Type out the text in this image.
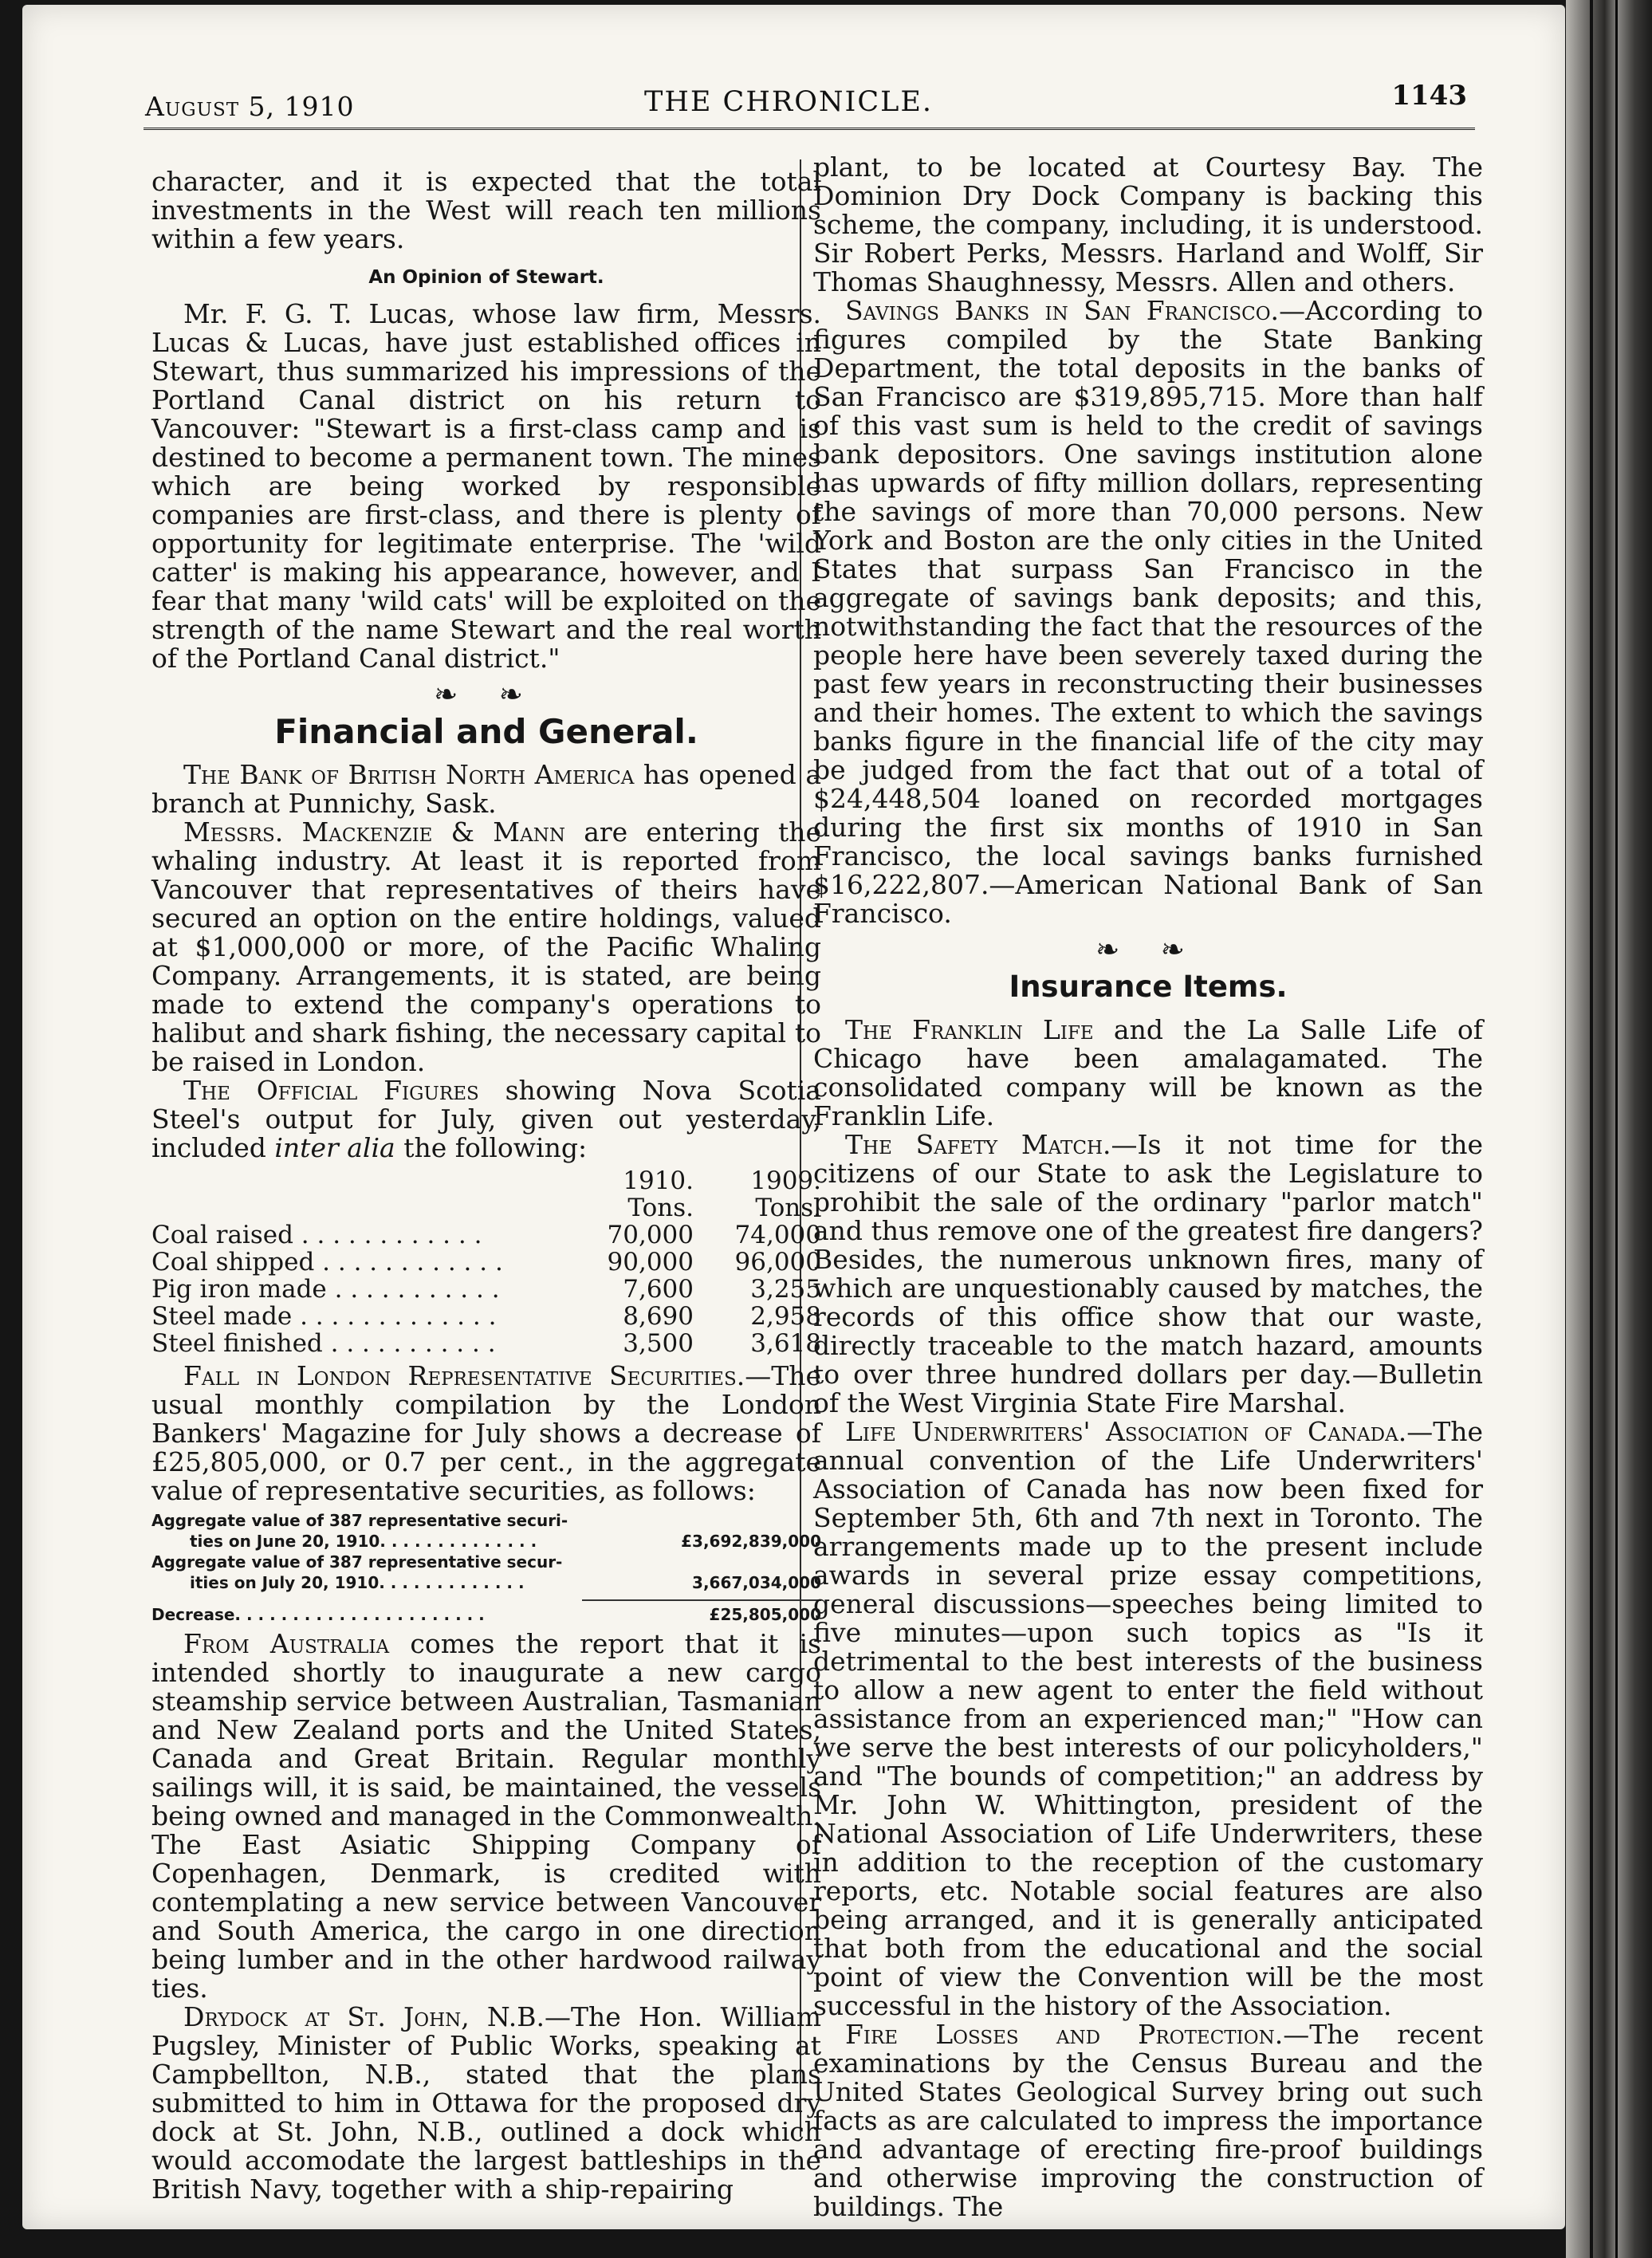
August 5, 1910	THE CHRONICLE.	1143

character, and it is expected that the total investments in the West will reach ten millions within a few years.

An Opinion of Stewart.

Mr. F. G. T. Lucas, whose law firm, Messrs. Lucas & Lucas, have just established offices in Stewart, thus summarized his impressions of the Portland Canal district on his return to Vancouver: "Stewart is a first-class camp and is destined to become a permanent town. The mines which are being worked by responsible companies are first-class, and there is plenty of opportunity for legitimate enterprise. The 'wild catter' is making his appearance, however, and I fear that many 'wild cats' will be exploited on the strength of the name Stewart and the real worth of the Portland Canal district."

❧ ❧
Financial and General.

The Bank of British North America has opened a branch at Punnichy, Sask.

Messrs. Mackenzie & Mann are entering the whaling industry. At least it is reported from Vancouver that representatives of theirs have secured an option on the entire holdings, valued at $1,000,000 or more, of the Pacific Whaling Company. Arrangements, it is stated, are being made to extend the company's operations to halibut and shark fishing, the necessary capital to be raised in London.

The Official Figures showing Nova Scotia Steel's output for July, given out yesterday, included inter alia the following:

	1910.	1909.
	Tons.	Tons.
Coal raised . . . . . . . . . . . .	70,000	74,000
Coal shipped . . . . . . . . . . . .	90,000	96,000
Pig iron made . . . . . . . . . . .	7,600	3,255
Steel made . . . . . . . . . . . . .	8,690	2,958
Steel finished . . . . . . . . . . .	3,500	3,618

Fall in London Representative Securities.—The usual monthly compilation by the London Bankers' Magazine for July shows a decrease of £25,805,000, or 0.7 per cent., in the aggregate value of representative securities, as follows:

Aggregate value of 387 representative securi-
ties on June 20, 1910. . . . . . . . . . . . . .	£3,692,839,000
Aggregate value of 387 representative secur-
ities on July 20, 1910. . . . . . . . . . . . .	3,667,034,000
Decrease. . . . . . . . . . . . . . . . . . . . . .	£25,805,000

From Australia comes the report that it is intended shortly to inaugurate a new cargo steamship service between Australian, Tasmanian and New Zealand ports and the United States, Canada and Great Britain. Regular monthly sailings will, it is said, be maintained, the vessels being owned and managed in the Commonwealth. The East Asiatic Shipping Company of Copenhagen, Denmark, is credited with contemplating a new service between Vancouver and South America, the cargo in one direction being lumber and in the other hardwood railway ties.

Drydock at St. John, N.B.—The Hon. William Pugsley, Minister of Public Works, speaking at Campbellton, N.B., stated that the plans submitted to him in Ottawa for the proposed dry dock at St. John, N.B., outlined a dock which would accomodate the largest battleships in the British Navy, together with a ship-repairing

plant, to be located at Courtesy Bay. The Dominion Dry Dock Company is backing this scheme, the company, including, it is understood. Sir Robert Perks, Messrs. Harland and Wolff, Sir Thomas Shaughnessy, Messrs. Allen and others.

Savings Banks in San Francisco.—According to figures compiled by the State Banking Department, the total deposits in the banks of San Francisco are $319,895,715. More than half of this vast sum is held to the credit of savings bank depositors. One savings institution alone has upwards of fifty million dollars, representing the savings of more than 70,000 persons. New York and Boston are the only cities in the United States that surpass San Francisco in the aggregate of savings bank deposits; and this, notwithstanding the fact that the resources of the people here have been severely taxed during the past few years in reconstructing their businesses and their homes. The extent to which the savings banks figure in the financial life of the city may be judged from the fact that out of a total of $24,448,504 loaned on recorded mortgages during the first six months of 1910 in San Francisco, the local savings banks furnished $16,222,807.—American National Bank of San Francisco.

❧ ❧
Insurance Items.

The Franklin Life and the La Salle Life of Chicago have been amalagamated. The consolidated company will be known as the Franklin Life.

The Safety Match.—Is it not time for the citizens of our State to ask the Legislature to prohibit the sale of the ordinary "parlor match" and thus remove one of the greatest fire dangers? Besides, the numerous unknown fires, many of which are unquestionably caused by matches, the records of this office show that our waste, directly traceable to the match hazard, amounts to over three hundred dollars per day.—Bulletin of the West Virginia State Fire Marshal.

Life Underwriters' Association of Canada.—The annual convention of the Life Underwriters' Association of Canada has now been fixed for September 5th, 6th and 7th next in Toronto. The arrangements made up to the present include awards in several prize essay competitions, general discussions—speeches being limited to five minutes—upon such topics as "Is it detrimental to the best interests of the business to allow a new agent to enter the field without assistance from an experienced man;" "How can we serve the best interests of our policyholders," and "The bounds of competition;" an address by Mr. John W. Whittington, president of the National Association of Life Underwriters, these in addition to the reception of the customary reports, etc. Notable social features are also being arranged, and it is generally anticipated that both from the educational and the social point of view the Convention will be the most successful in the history of the Association.

Fire Losses and Protection.—The recent examinations by the Census Bureau and the United States Geological Survey bring out such facts as are calculated to impress the importance and advantage of erecting fire-proof buildings and otherwise improving the construction of buildings. The
